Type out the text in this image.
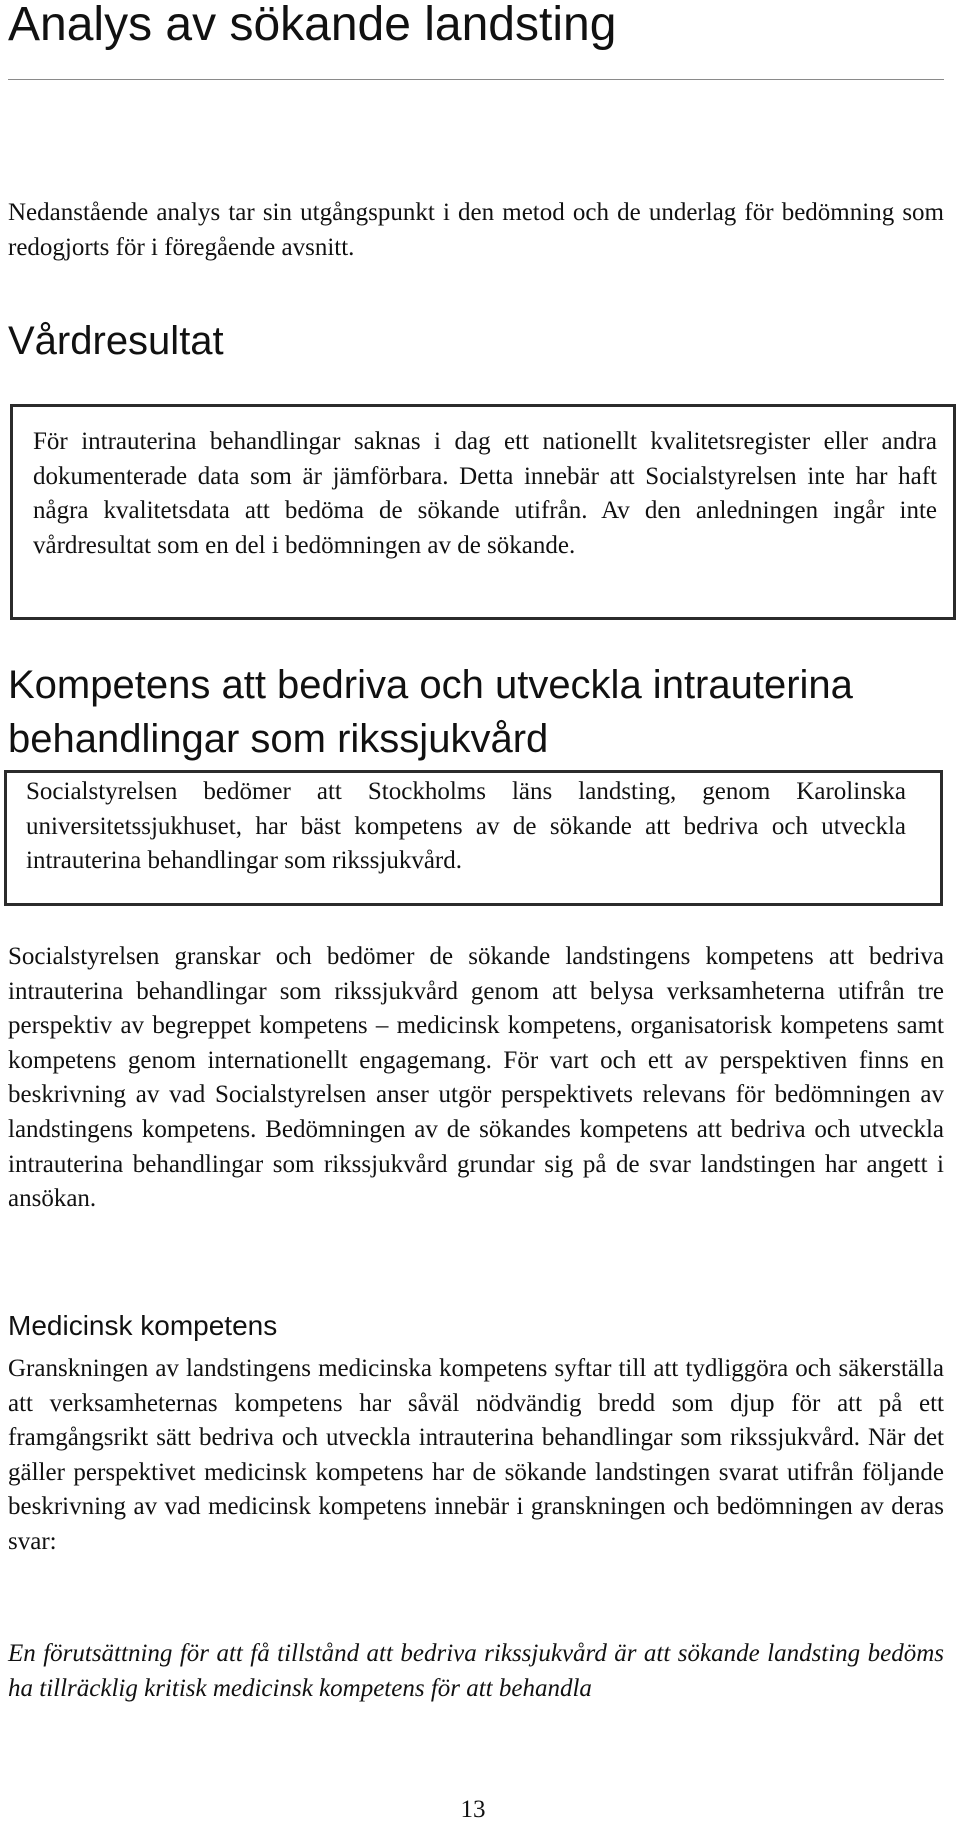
Analys av sökande landsting

Nedanstående analys tar sin utgångspunkt i den metod och de underlag för bedömning som redogjorts för i föregående avsnitt.

Vårdresultat

För intrauterina behandlingar saknas i dag ett nationellt kvalitetsregister eller andra dokumenterade data som är jämförbara. Detta innebär att Socialstyrelsen inte har haft några kvalitetsdata att bedöma de sökande utifrån. Av den anledningen ingår inte vårdresultat som en del i bedömningen av de sökande.

Kompetens att bedriva och utveckla intrauterina behandlingar som rikssjukvård

Socialstyrelsen bedömer att Stockholms läns landsting, genom Karolinska universitetssjukhuset, har bäst kompetens av de sökande att bedriva och utveckla intrauterina behandlingar som rikssjukvård.

Socialstyrelsen granskar och bedömer de sökande landstingens kompetens att bedriva intrauterina behandlingar som rikssjukvård genom att belysa verksamheterna utifrån tre perspektiv av begreppet kompetens – medicinsk kompetens, organisatorisk kompetens samt kompetens genom internationellt engagemang. För vart och ett av perspektiven finns en beskrivning av vad Socialstyrelsen anser utgör perspektivets relevans för bedömningen av landstingens kompetens. Bedömningen av de sökandes kompetens att bedriva och utveckla intrauterina behandlingar som rikssjukvård grundar sig på de svar landstingen har angett i ansökan.

Medicinsk kompetens

Granskningen av landstingens medicinska kompetens syftar till att tydliggöra och säkerställa att verksamheternas kompetens har såväl nödvändig bredd som djup för att på ett framgångsrikt sätt bedriva och utveckla intrauterina behandlingar som rikssjukvård. När det gäller perspektivet medicinsk kompetens har de sökande landstingen svarat utifrån följande beskrivning av vad medicinsk kompetens innebär i granskningen och bedömningen av deras svar:

En förutsättning för att få tillstånd att bedriva rikssjukvård är att sökande landsting bedöms ha tillräcklig kritisk medicinsk kompetens för att behandla

13
